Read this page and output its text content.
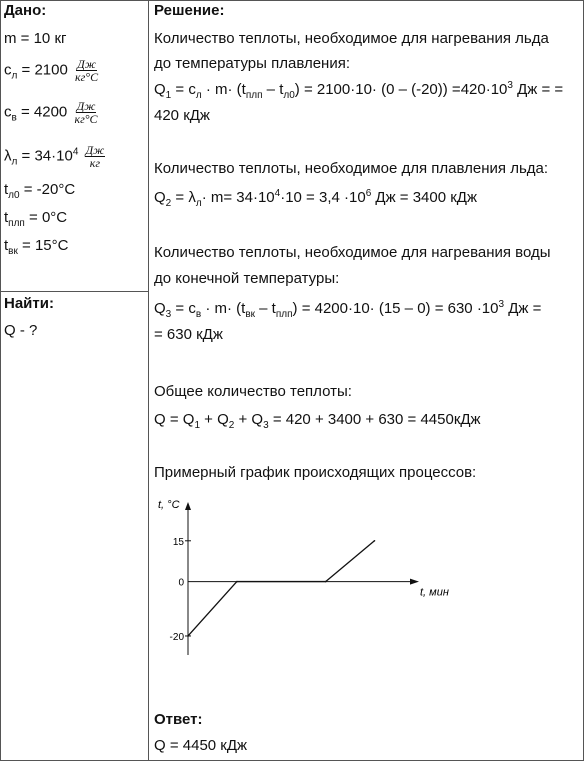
Дано:
m = 10 кг
$c_л = 2100 \frac{Дж}{кг^\circ C}$
$c_в = 4200 \frac{Дж}{кг^\circ C}$
$\lambda_л = 34\cdot 10^4 \frac{Дж}{кг}$
$t_{л0} = -20^\circ C$
$t_{плп} = 0^\circ C$
$t_{вк} = 15^\circ C$
Найти:
Q - ?
Решение:
Количество теплоты, необходимое для нагревания льда
до температуры плавления:
$Q_1 = c_л \cdot m\cdot (t_{плп} - t_{л0}) = 2100\cdot 10\cdot (0 - (-20)) =420\cdot 10^3$ Дж = =
420 кДж
Количество теплоты, необходимое для плавления льда:
$Q_2 = \lambda_л\cdot m= 34\cdot 10^4\cdot 10 = 3,4 \cdot 10^6$ Дж = 3400 кДж
Количество теплоты, необходимое для нагревания воды
до конечной температуры:
$Q_3 = c_в \cdot m\cdot (t_{вк} - t_{плп}) = 4200\cdot 10\cdot (15 - 0) = 630 \cdot 10^3$ Дж =
= 630 кДж
Общее количество теплоты:
$Q = Q_1 + Q_2 + Q_3 = 420 + 3400 + 630 = 4450кДж$
Примерный график происходящих процессов:
t, °C
t, мин
15
0
-20
Ответ:
Q = 4450 кДж
